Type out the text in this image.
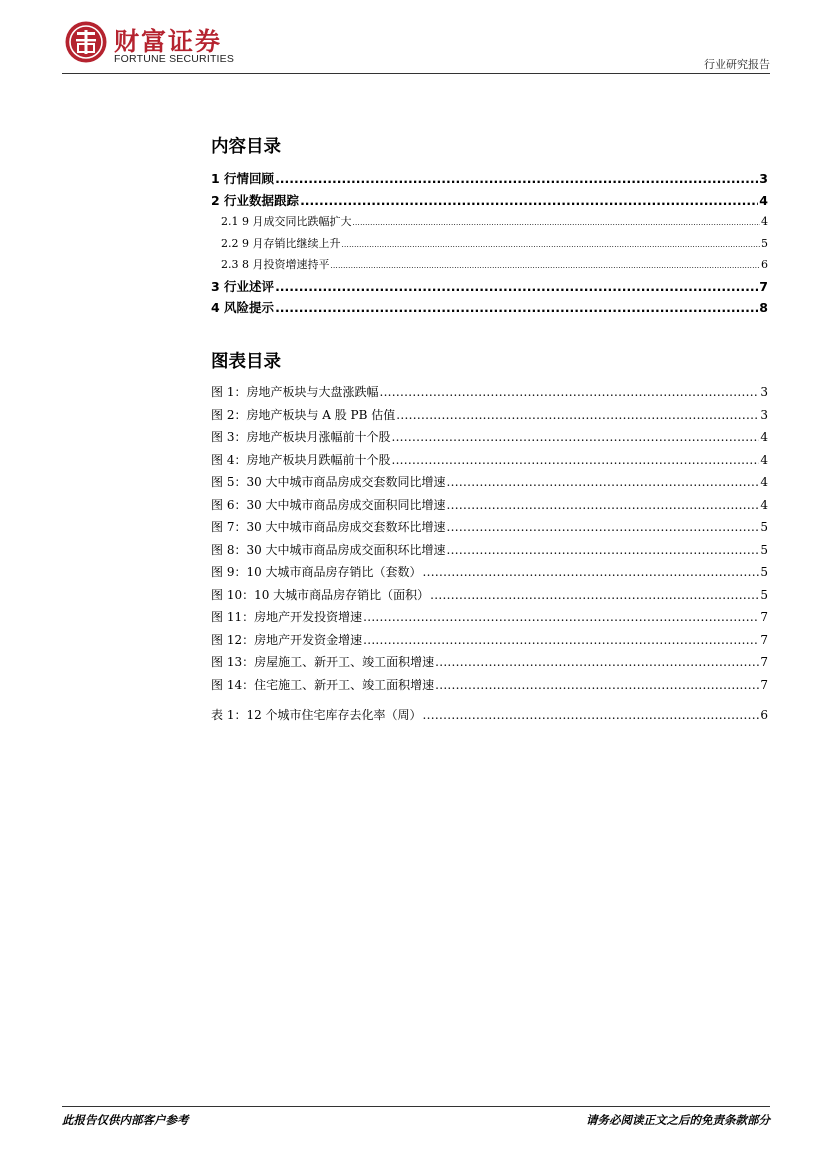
财富证券
FORTUNE SECURITIES	行业研究报告
内容目录
1 行情回顾 .....	3
2 行业数据跟踪 .....	4
2.1 9 月成交同比跌幅扩大 .....	4
2.2 9 月存销比继续上升 .....	5
2.3 8 月投资增速持平 .....	6
3 行业述评 .....	7
4 风险提示 .....	8
图表目录
图 1：房地产板块与大盘涨跌幅 .....	3
图 2：房地产板块与 A 股 PB 估值 .....	3
图 3：房地产板块月涨幅前十个股 .....	4
图 4：房地产板块月跌幅前十个股 .....	4
图 5：30 大中城市商品房成交套数同比增速 .....	4
图 6：30 大中城市商品房成交面积同比增速 .....	4
图 7：30 大中城市商品房成交套数环比增速 .....	5
图 8：30 大中城市商品房成交面积环比增速 .....	5
图 9：10 大城市商品房存销比（套数） .....	5
图 10：10 大城市商品房存销比（面积） .....	5
图 11：房地产开发投资增速 .....	7
图 12：房地产开发资金增速 .....	7
图 13：房屋施工、新开工、竣工面积增速 .....	7
图 14：住宅施工、新开工、竣工面积增速 .....	7
表 1：12 个城市住宅库存去化率（周） .....	6
此报告仅供内部客户参考	请务必阅读正文之后的免责条款部分
